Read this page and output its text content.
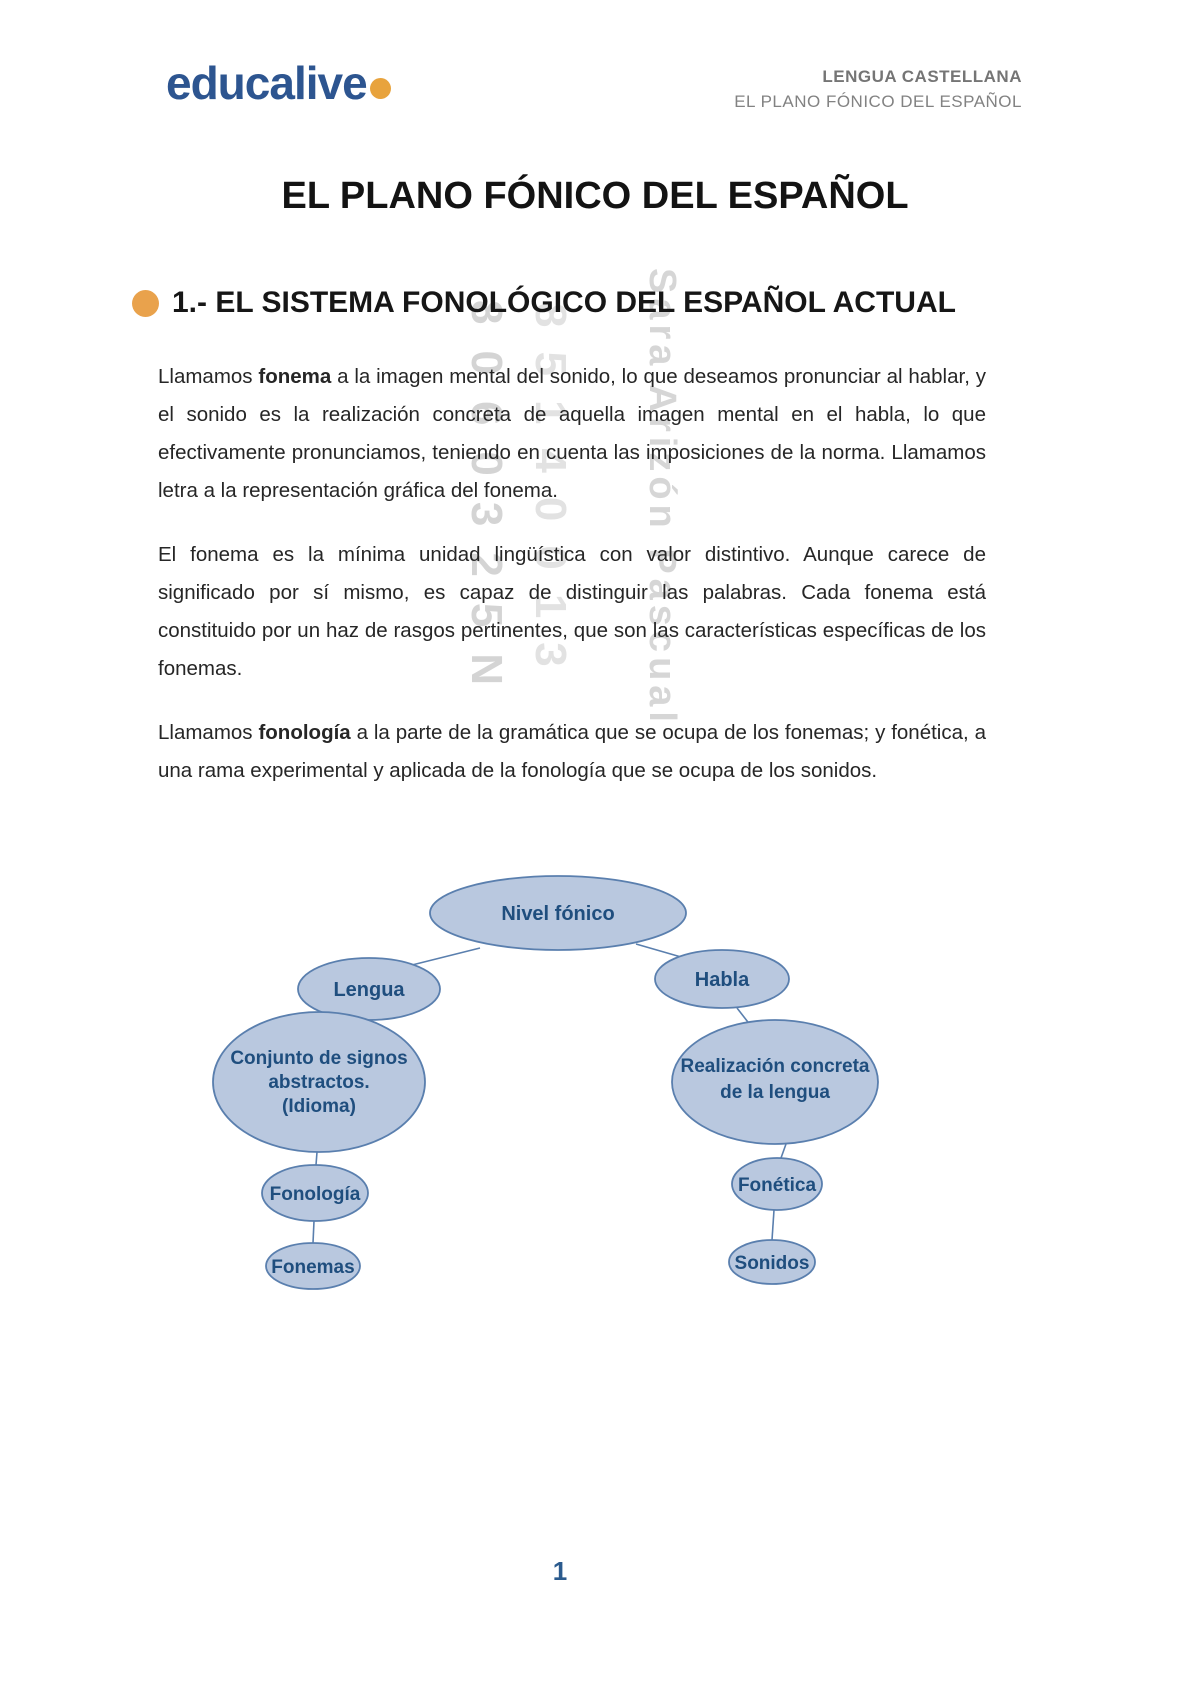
8060325N 85140013 Sara Arizón Pascual
educalive	LENGUA CASTELLANA
EL PLANO FÓNICO DEL ESPAÑOL
EL PLANO FÓNICO DEL ESPAÑOL
1.- EL SISTEMA FONOLÓGICO DEL ESPAÑOL ACTUAL

Llamamos fonema a la imagen mental del sonido, lo que deseamos pronunciar al hablar, y el sonido es la realización concreta de aquella imagen mental en el habla, lo que efectivamente pronunciamos, teniendo en cuenta las imposiciones de la norma. Llamamos letra a la representación gráfica del fonema.

El fonema es la mínima unidad lingüística con valor distintivo. Aunque carece de significado por sí mismo, es capaz de distinguir las palabras. Cada fonema está constituido por un haz de rasgos pertinentes, que son las características específicas de los fonemas.

Llamamos fonología a la parte de la gramática que se ocupa de los fonemas; y fonética, a una rama experimental y aplicada de la fonología que se ocupa de los sonidos.

Nivel fónico
Lengua	Habla
Conjunto de signos
abstractos.
(Idioma)
Realización concreta
de la lengua
Fonología	Fonética
Fonemas	Sonidos
1
